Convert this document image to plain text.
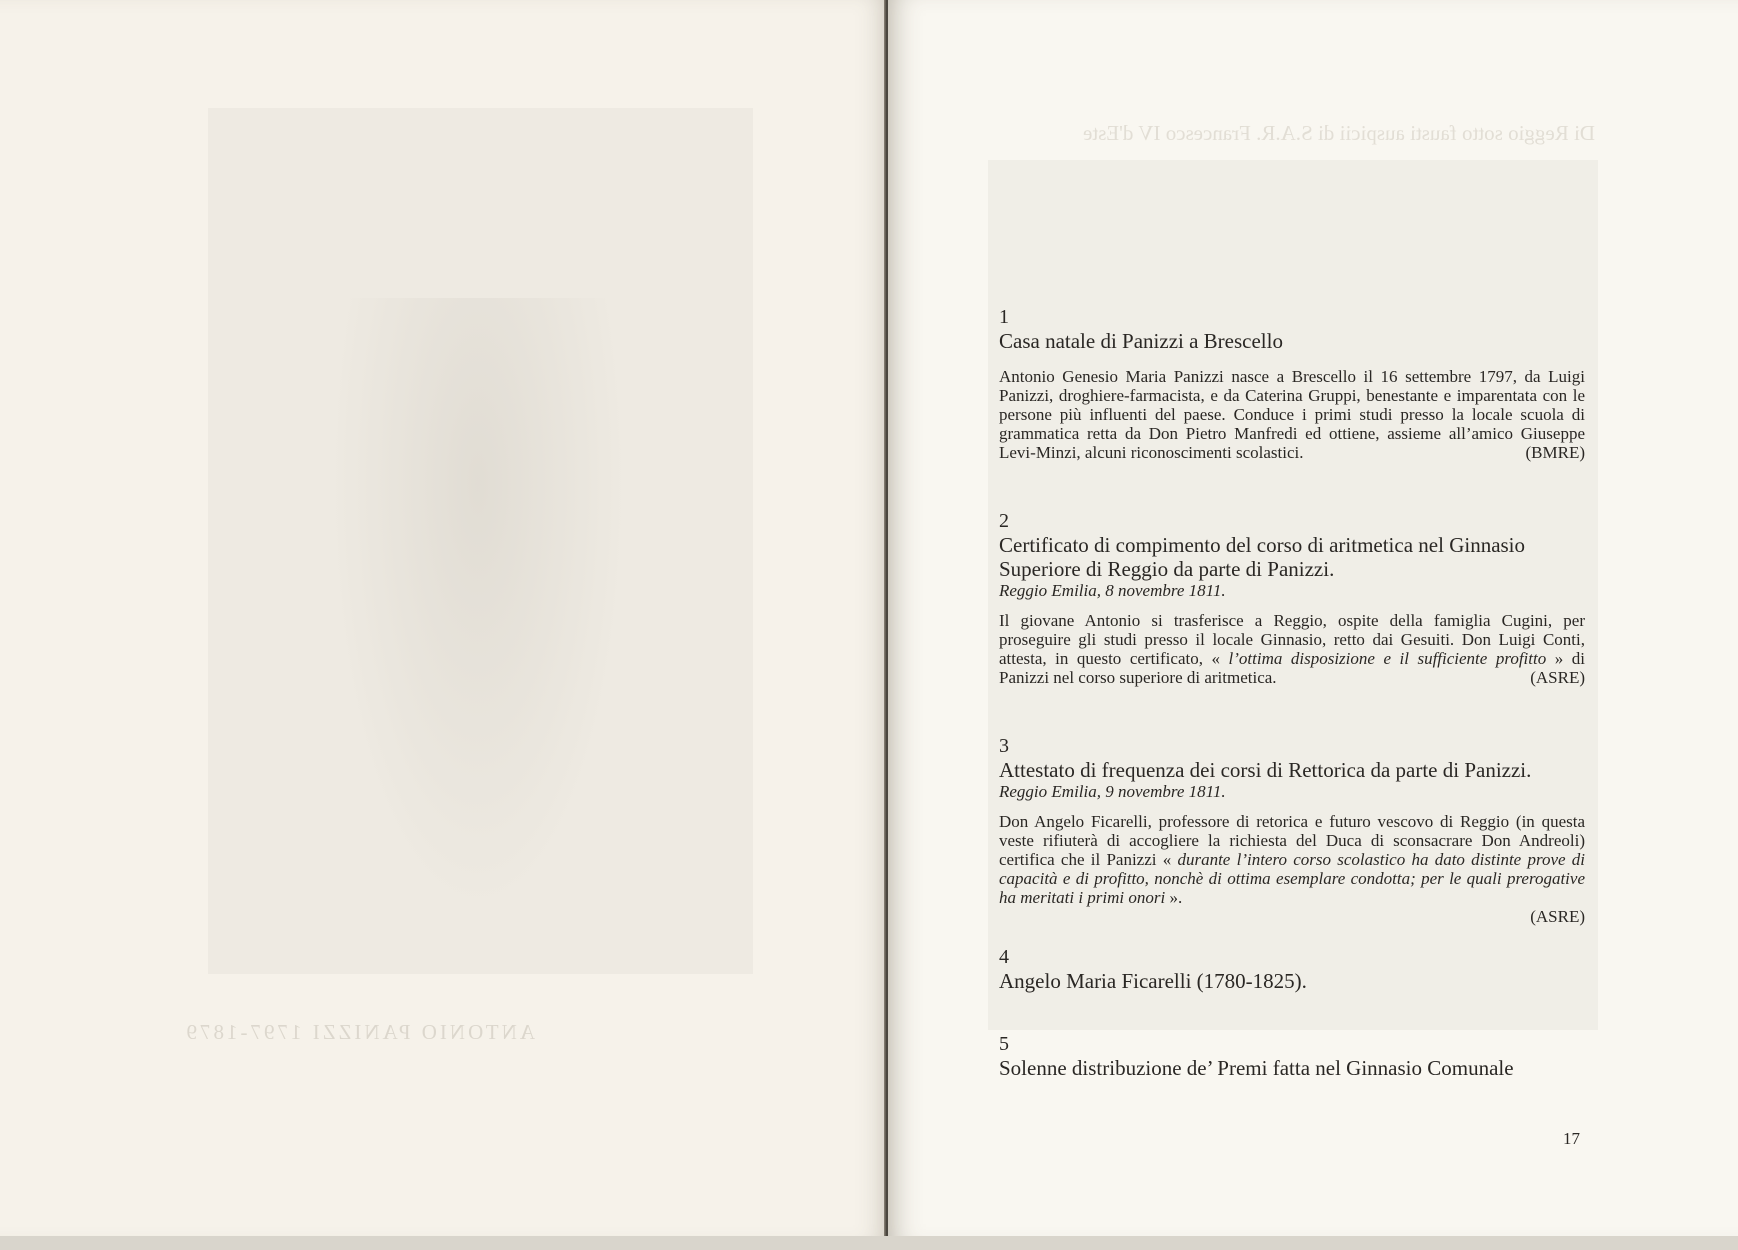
ANTONIO PANIZZI 1797-1879
Di Reggio sotto fausti auspicii di S.A.R. Francesco IV d'Este
1
Casa natale di Panizzi a Brescello
Antonio Genesio Maria Panizzi nasce a Brescello il 16 settembre 1797, da Luigi Panizzi, droghiere-farmacista, e da Caterina Gruppi, benestante e imparentata con le persone più influenti del paese. Conduce i primi studi presso la locale scuola di grammatica retta da Don Pietro Manfredi ed ottiene, assieme all’amico Giuseppe Levi-Minzi, alcuni riconoscimenti scolastici.	(BMRE)
2
Certificato di compimento del corso di aritmetica nel Ginnasio Superiore di Reggio da parte di Panizzi.
Reggio Emilia, 8 novembre 1811.
Il giovane Antonio si trasferisce a Reggio, ospite della famiglia Cugini, per proseguire gli studi presso il locale Ginnasio, retto dai Gesuiti. Don Luigi Conti, attesta, in questo certificato, « l’ottima disposizione e il sufficiente profitto » di Panizzi nel corso superiore di aritmetica.	(ASRE)
3
Attestato di frequenza dei corsi di Rettorica da parte di Panizzi.
Reggio Emilia, 9 novembre 1811.
Don Angelo Ficarelli, professore di retorica e futuro vescovo di Reggio (in questa veste rifiuterà di accogliere la richiesta del Duca di sconsacrare Don Andreoli) certifica che il Panizzi « durante l’intero corso scolastico ha dato distinte prove di capacità e di profitto, nonchè di ottima esemplare condotta; per le quali prerogative ha meritati i primi onori ».
(ASRE)
4
Angelo Maria Ficarelli (1780-1825).
5
Solenne distribuzione de’ Premi fatta nel Ginnasio Comunale
17
